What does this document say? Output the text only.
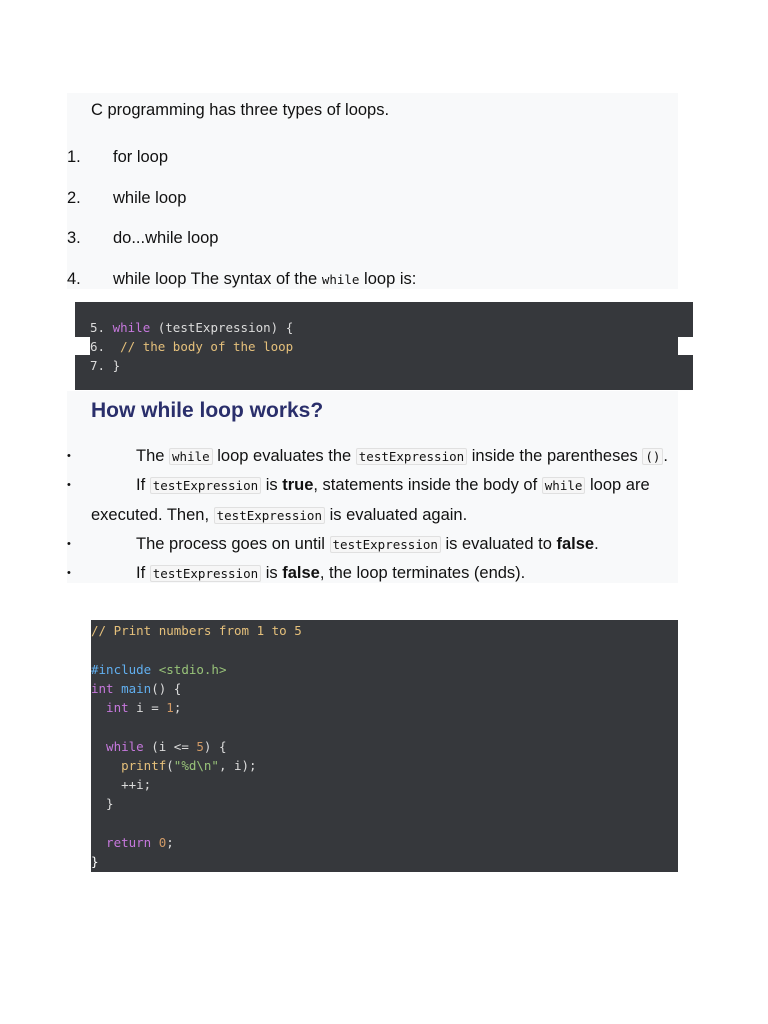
C programming has three types of loops.

1. for loop
2. while loop
3. do...while loop
4. while loop The syntax of the while loop is:
5. while (testExpression) {
6.  // the body of the loop
7. }
How while loop works?
•	The while loop evaluates the testExpression inside the parentheses () .
•	If testExpression is true, statements inside the body of while loop are
executed. Then, testExpression is evaluated again.
•	The process goes on until testExpression is evaluated to false.
•	If testExpression is false, the loop terminates (ends).
// Print numbers from 1 to 5
#include <stdio.h>
int main() {
int i = 1;
while (i <= 5) {
printf("%d\n", i);
++i;
}
return 0;
}
